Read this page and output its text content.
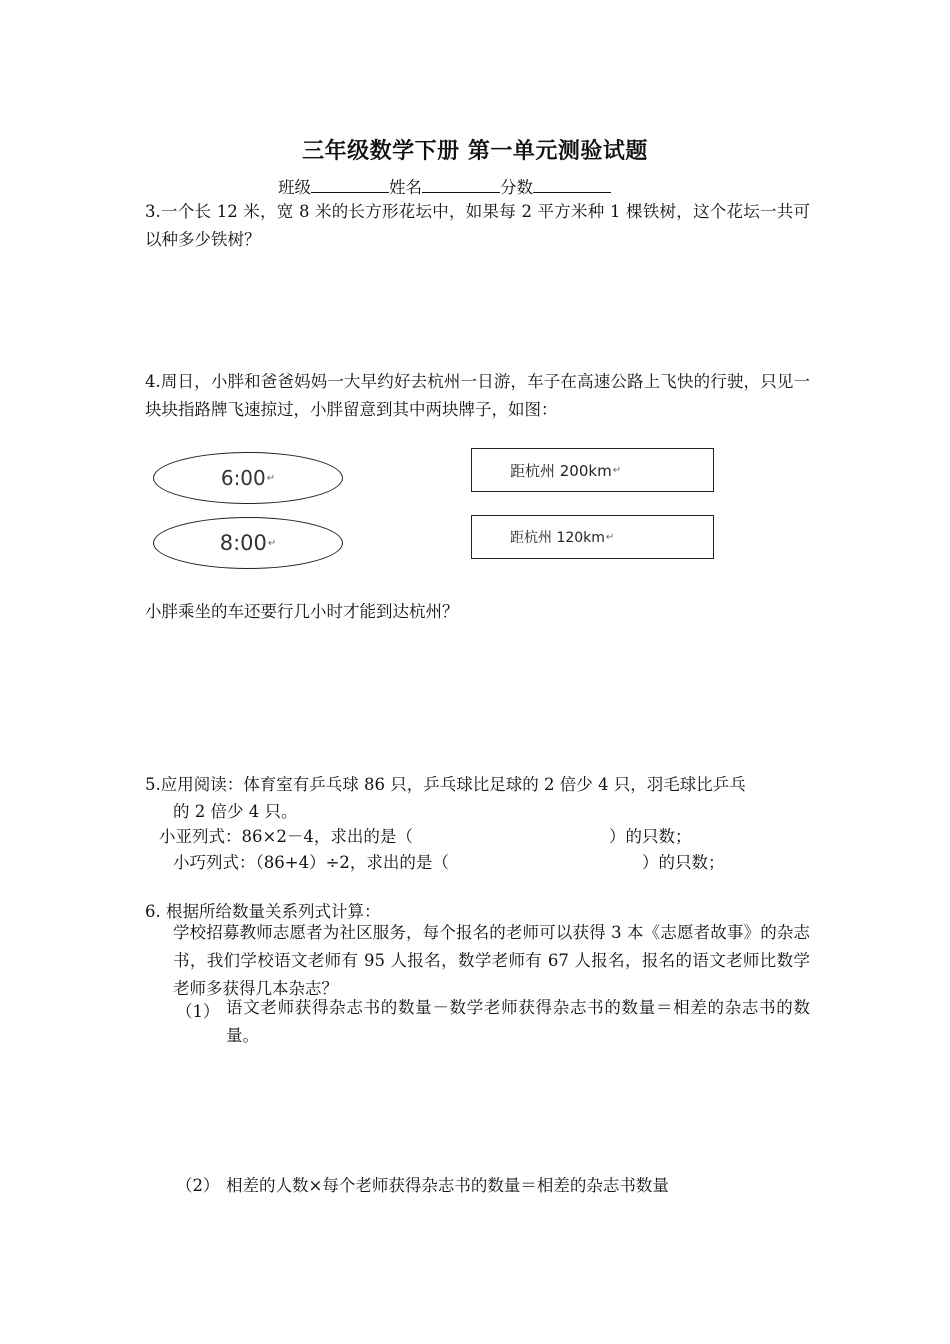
三年级数学下册 第一单元测验试题
班级	姓名	分数
3.一个长 12 米，宽 8 米的长方形花坛中，如果每 2 平方米种 1 棵铁树，这个花坛一共可以种多少铁树？
4.周日，小胖和爸爸妈妈一大早约好去杭州一日游，车子在高速公路上飞快的行驶，只见一块块指路牌飞速掠过，小胖留意到其中两块牌子，如图：
6:00 ↵
8:00 ↵
距杭州 200km ↵
距杭州 120km ↵
小胖乘坐的车还要行几小时才能到达杭州？
5.应用阅读：体育室有乒乓球 86 只，乒乓球比足球的 2 倍少 4 只，羽毛球比乒乓
的 2 倍少 4 只。
小亚列式：86×2－4，求出的是（	）的只数；
小巧列式：（86+4）÷2，求出的是（	）的只数；
6. 根据所给数量关系列式计算：
学校招募教师志愿者为社区服务，每个报名的老师可以获得 3 本《志愿者故事》的杂志书，我们学校语文老师有 95 人报名，数学老师有 67 人报名，报名的语文老师比数学老师多获得几本杂志？
（1） 语文老师获得杂志书的数量－数学老师获得杂志书的数量＝相差的杂志书的数量。
（2） 相差的人数×每个老师获得杂志书的数量＝相差的杂志书数量
